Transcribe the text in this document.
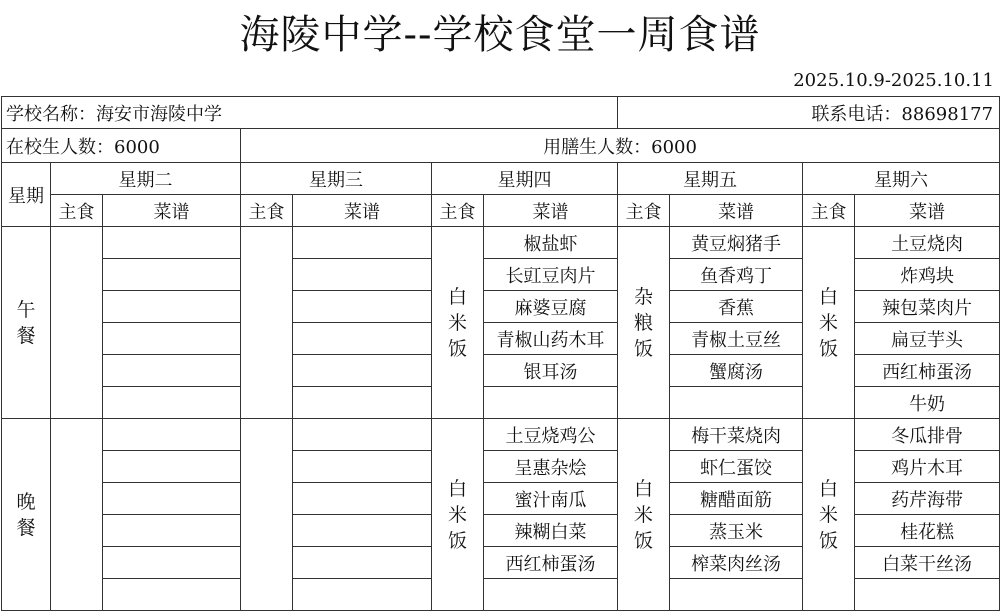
海陵中学--学校食堂一周食谱
2025.10.9-2025.10.11
学校名称：海安市海陵中学							联系电话：88698177			
在校生人数：6000			用膳生人数：6000							
星期	星期二		星期三		星期四		星期五		星期六	
	主食	菜谱	主食	菜谱	主食	菜谱	主食	菜谱	主食	菜谱
午餐					白米饭	椒盐虾	杂粮饭	黄豆焖猪手	白米饭	土豆烧肉
						长豇豆肉片		鱼香鸡丁		炸鸡块
						麻婆豆腐		香蕉		辣包菜肉片
						青椒山药木耳		青椒土豆丝		扁豆芋头
						银耳汤		蟹腐汤		西红柿蛋汤
										牛奶
晚餐					白米饭	土豆烧鸡公	白米饭	梅干菜烧肉	白米饭	冬瓜排骨
						呈惠杂烩		虾仁蛋饺		鸡片木耳
						蜜汁南瓜		糖醋面筋		药芹海带
						辣糊白菜		蒸玉米		桂花糕
						西红柿蛋汤		榨菜肉丝汤		白菜干丝汤
